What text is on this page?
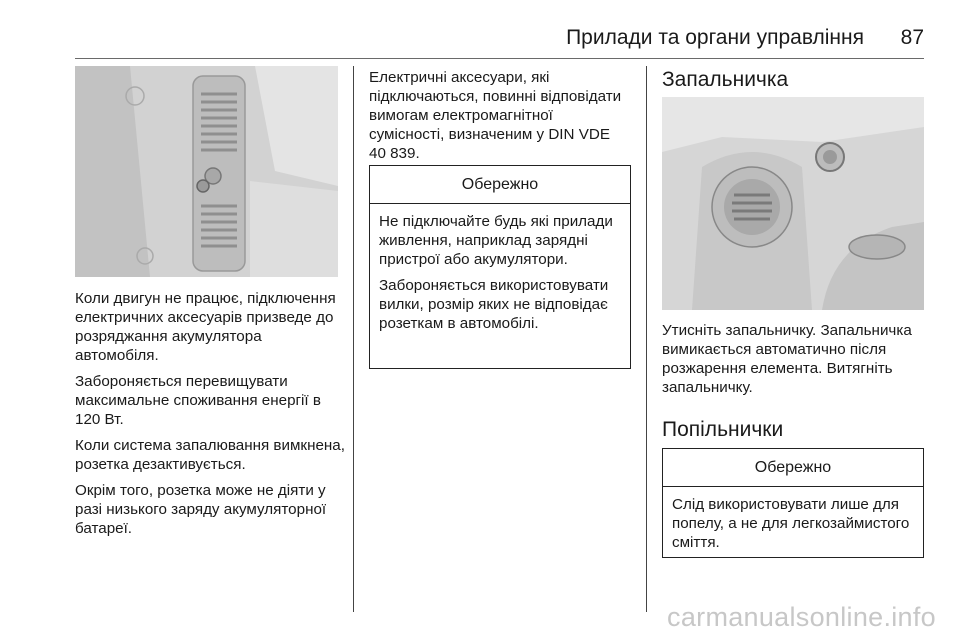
Прилади та органи управління 87

Коли двигун не працює, підключення електричних аксесуарів призведе до розряджання акумулятора автомобіля.

Забороняється перевищувати максимальне споживання енергії в 120 Вт.

Коли система запалювання вимкнена, розетка дезактивується.

Окрім того, розетка може не діяти у разі низького заряду акумуляторної батареї.

Електричні аксесуари, які підключаються, повинні відповідати вимогам електромагнітної сумісності, визначеним у DIN VDE 40 839.

Обережно

Не підключайте будь які прилади живлення, наприклад зарядні пристрої або акумулятори.

Забороняється використовувати вилки, розмір яких не відповідає розеткам в автомобілі.

Запальничка

Утисніть запальничку. Запальничка вимикається автоматично після розжарення елемента. Витягніть запальничку.

Попільнички
Обережно

Слід використовувати лише для попелу, а не для легкозаймистого сміття.

carmanualsonline.info
